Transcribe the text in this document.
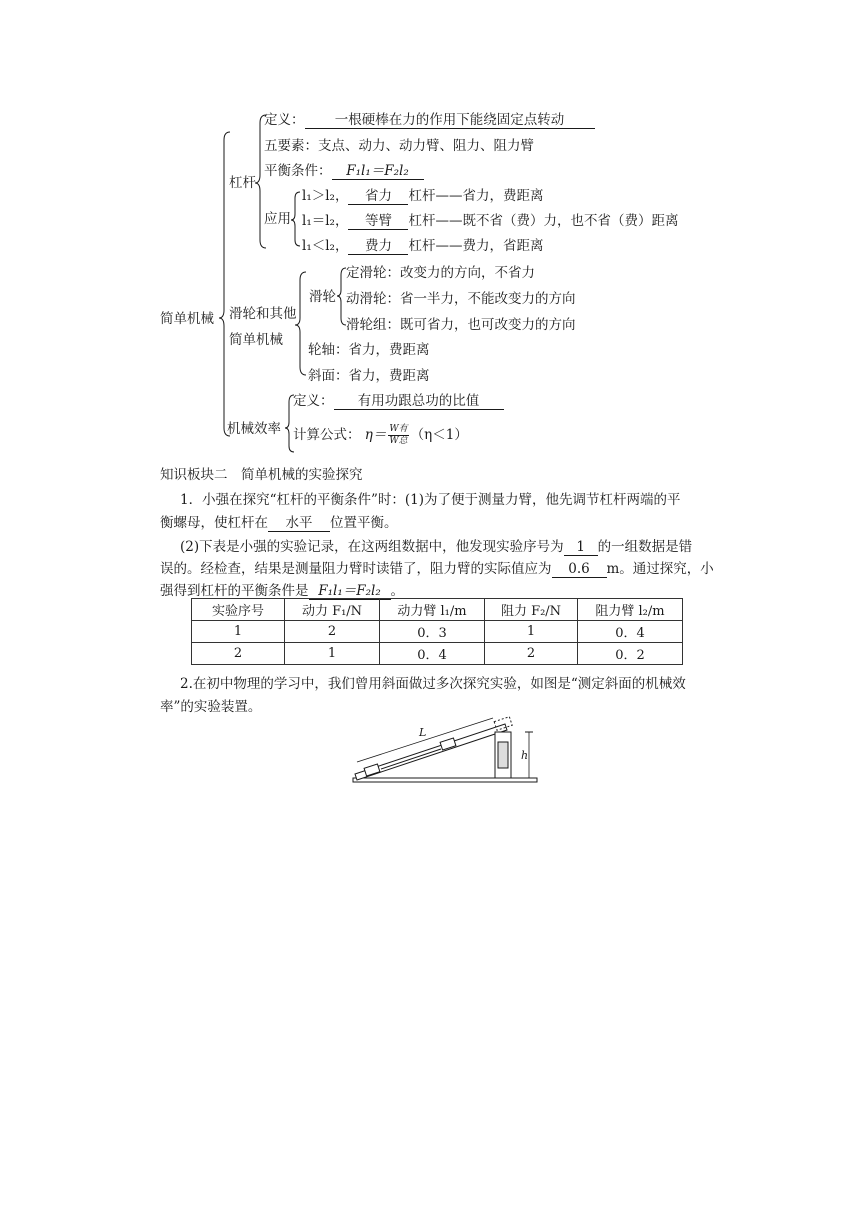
简单机械
杠杆
定义： 一根硬棒在力的作用下能绕固定点转动
五要素：支点、动力、动力臂、阻力、阻力臂
平衡条件： F₁l₁＝F₂l₂
应用
l₁＞l₂， 省力 杠杆——省力，费距离
l₁＝l₂， 等臂 杠杆——既不省（费）力，也不省（费）距离
l₁＜l₂， 费力 杠杆——费力，省距离
滑轮和其他
简单机械
滑轮
定滑轮：改变力的方向，不省力
动滑轮：省一半力，不能改变力的方向
滑轮组：既可省力，也可改变力的方向
轮轴：省力，费距离
斜面：省力，费距离
机械效率
定义： 有用功跟总功的比值
计算公式： $\eta= \frac{\text{W有}}{\text{W总}} (\eta<1)$
知识板块二　简单机械的实验探究
1．小强在探究“杠杆的平衡条件”时：(1)为了便于测量力臂，他先调节杠杆两端的平
衡螺母，使杠杆在 水平 位置平衡。
(2)下表是小强的实验记录，在这两组数据中，他发现实验序号为 1 的一组数据是错
误的。经检查，结果是测量阻力臂时读错了，阻力臂的实际值应为 0.6 m。通过探究，小
强得到杠杆的平衡条件是 F₁l₁＝F₂l₂ 。
实验序号	动力 F₁/N	动力臂 l₁/m	阻力 F₂/N	阻力臂 l₂/m
1	2	0．3	1	0．4
2	1	0．4	2	0．2
2.在初中物理的学习中，我们曾用斜面做过多次探究实验，如图是“测定斜面的机械效
率”的实验装置。
L
h
